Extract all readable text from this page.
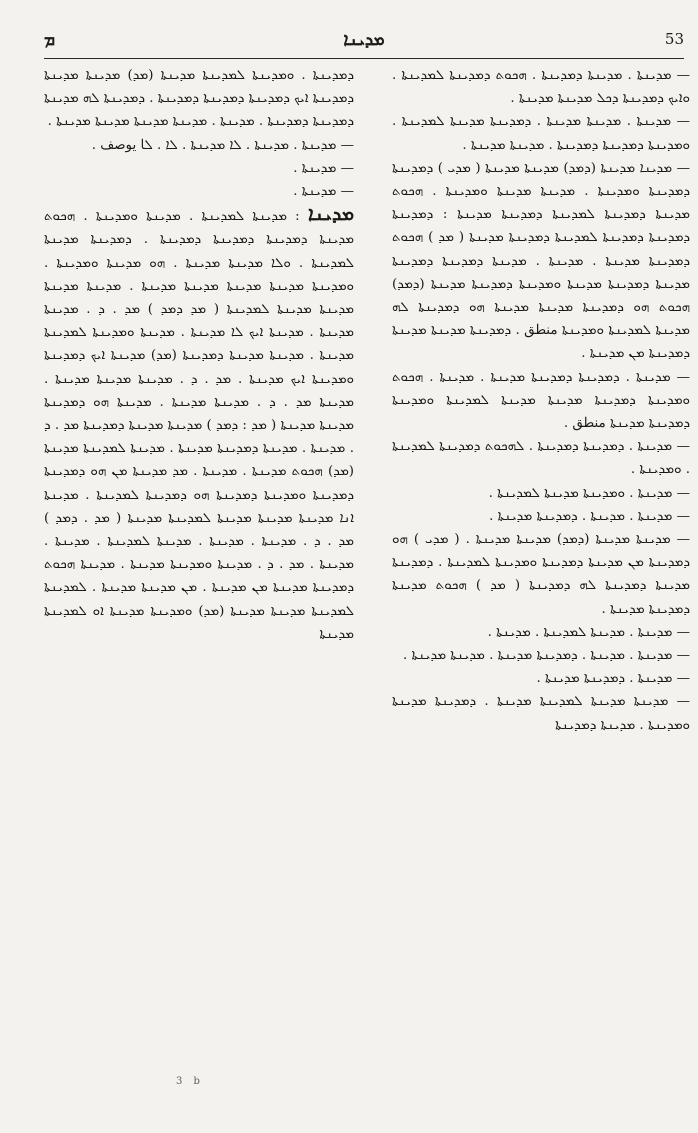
53
ܡܕܝܢܐ
ܡ

— ܡܕܝܢܬܐ . ܡܕܝܢܬܐ ܕܡܕܝܢܬܐ . ܗܟܘܬ ܕܡܕܝܢܬܐ ܠܡܕܝܢܬܐ . ܘܐܝܟ ܕܡܕܝܢܬܐ ܕܟܠ ܡܕܝܢܬܐ ܡܕܝܢܬܐ .

— ܡܕܝܢܬܐ . ܡܕܝܢܬܐ ܡܕܝܢܬܐ . ܕܡܕܝܢܬܐ ܡܕܝܢܬܐ ܠܡܕܝܢܬܐ . ܘܡܕܝܢܬܐ ܕܡܕܝܢܬܐ ܕܡܕܝܢܬܐ . ܡܕܝܢܬܐ ܡܕܝܢܬܐ .

— ܡܕܝܢܐ ܡܕܝܢܬܐ (ܕܡܕ) ܡܕܝܢܬܐ ܡܕܝܢܬܐ ( ܡܕܝ ) ܕܡܕܝܢܬܐ ܕܡܕܝܢܬܐ ܘܡܕܝܢܬܐ . ܡܕܝܢܬܐ ܡܕܝܢܬܐ ܘܡܕܝܢܬܐ . ܗܟܘܬ ܡܕܝܢܬܐ ܕܡܕܝܢܬܐ ܠܡܕܝܢܬܐ ܕܡܕܝܢܬܐ ܡܕܝܢܬܐ : ܕܡܕܝܢܬܐ ܕܡܕܝܢܬܐ ܕܡܕܝܢܬܐ ܠܡܕܝܢܬܐ ܕܡܕܝܢܬܐ ܡܕܝܢܬܐ ( ܡܕ ) ܗܟܘܬ ܕܡܕܝܢܬܐ ܡܕܝܢܬܐ . ܡܕܝܢܬܐ . ܡܕܝܢܬܐ ܕܡܕܝܢܬܐ ܕܡܕܝܢܬܐ ܡܕܝܢܬܐ ܕܡܕܝܢܬܐ ܡܕܝܢܬܐ ܘܡܕܝܢܬܐ ܕܡܕܝܢܬܐ ܡܕܝܢܬܐ (ܕܡܕ) ܗܟܘܬ ܗܘ ܕܡܕܝܢܬܐ ܡܕܝܢܬܐ ܡܕܝܢܬܐ ܗܘ ܕܡܕܝܢܬܐ ܠܗ ܡܕܝܢܬܐ ܠܡܕܝܢܬܐ ܘܡܕܝܢܬܐ منطق . ܕܡܕܝܢܬܐ ܡܕܝܢܬܐ ܡܕܝܢܬܐ ܕܡܕܝܢܬܐ ܡܢ ܡܕܝܢܬܐ .

— ܡܕܝܢܬܐ . ܕܡܕܝܢܬܐ ܕܡܕܝܢܬܐ ܡܕܝܢܬܐ . ܡܕܝܢܬܐ . ܗܟܘܬ ܘܡܕܝܢܬܐ ܕܡܕܝܢܬܐ ܡܕܝܢܬܐ ܡܕܝܢܬܐ ܠܡܕܝܢܬܐ ܘܡܕܝܢܬܐ ܕܡܕܝܢܬܐ ܡܕܝܢܬܐ منطق .

— ܡܕܝܢܬܐ . ܕܡܕܝܢܬܐ ܕܡܕܝܢܬܐ . ܠܗܟܘܬ ܕܡܕܝܢܬܐ ܠܡܕܝܢܬܐ . ܘܡܕܝܢܬܐ .

— ܡܕܝܢܬܐ . ܘܡܕܝܢܬܐ ܡܕܝܢܬܐ ܠܡܕܝܢܬܐ .

— ܡܕܝܢܬܐ . ܡܕܝܢܬܐ . ܕܡܕܝܢܬܐ ܡܕܝܢܬܐ .

— ܡܕܝܢܬܐ ܡܕܝܢܬܐ (ܕܡܕ) ܡܕܝܢܬܐ ܡܕܝܢܬܐ . ( ܡܕܝ ) ܗܘ ܕܡܕܝܢܬܐ ܡܢ ܡܕܝܢܬܐ ܕܡܕܝܢܬܐ ܘܡܕܝܢܬܐ ܠܡܕܝܢܬܐ . ܕܡܕܝܢܬܐ ܡܕܝܢܬܐ ܕܡܕܝܢܬܐ ܠܗ ܕܡܕܝܢܬܐ ( ܡܕ ) ܗܟܘܬ ܡܕܝܢܬܐ ܕܡܕܝܢܬܐ ܡܕܝܢܬܐ .

— ܡܕܝܢܬܐ . ܡܕܝܢܬܐ ܠܡܕܝܢܬܐ . ܡܕܝܢܬܐ .

— ܡܕܝܢܬܐ . ܡܕܝܢܬܐ . ܕܡܕܝܢܬܐ ܡܕܝܢܬܐ . ܡܕܝܢܬܐ ܡܕܝܢܬܐ .

— ܡܕܝܢܬܐ . ܕܡܕܝܢܬܐ ܡܕܝܢܬܐ .

— ܡܕܝܢܬܐ ܡܕܝܢܬܐ ܠܡܕܝܢܬܐ ܡܕܝܢܬܐ . ܕܡܕܝܢܬܐ ܡܕܝܢܬܐ ܘܡܕܝܢܬܐ . ܡܕܝܢܬܐ ܕܡܕܝܢܬܐ

ܕܡܕܝܢܬܐ . ܘܡܕܝܢܬܐ ܠܡܕܝܢܬܐ ܡܕܝܢܬܐ (ܡܕ) ܡܕܝܢܬܐ ܡܕܝܢܬܐ ܕܡܕܝܢܬܐ ܐܝܟ ܕܡܕܝܢܬܐ ܕܡܕܝܢܬܐ ܕܡܕܝܢܬܐ . ܕܡܕܝܢܬܐ ܠܗ ܡܕܝܢܬܐ ܕܡܕܝܢܬܐ ܕܡܕܝܢܬܐ . ܡܕܝܢܬܐ . ܡܕܝܢܬܐ ܡܕܝܢܬܐ ܡܕܝܢܬܐ ܡܕܝܢܬܐ .

— ܡܕܝܢܬܐ . ܡܕܝܢܬܐ . ܠܐ ܡܕܝܢܬܐ . ܠܐ . ܠا يوصف .

— ܡܕܝܢܬܐ .

— ܡܕܝܢܬܐ .

ܡܕܝܢܐ : ܡܕܝܢܬܐ ܠܡܕܝܢܬܐ . ܡܕܝܢܬܐ ܘܡܕܝܢܬܐ . ܗܟܘܬ ܡܕܝܢܬܐ ܕܡܕܝܢܬܐ ܕܡܕܝܢܬܐ ܕܡܕܝܢܬܐ . ܕܡܕܝܢܬܐ ܡܕܝܢܬܐ ܠܡܕܝܢܬܐ . ܘܠܐ ܡܕܝܢܬܐ ܡܕܝܢܬܐ . ܗܘ ܡܕܝܢܬܐ ܘܡܕܝܢܬܐ . ܘܡܕܝܢܬܐ ܡܕܝܢܬܐ ܡܕܝܢܬܐ ܡܕܝܢܬܐ ܡܕܝܢܬܐ . ܡܕܝܢܬܐ ܡܕܝܢܬܐ ܡܕܝܢܬܐ ܡܕܝܢܬܐ ܠܡܕܝܢܬܐ ( ܡܕ ܕܡܕ ) ܡܕ . ܕ . ܡܕܝܢܬܐ ܡܕܝܢܬܐ . ܡܕܝܢܬܐ ܐܝܟ ܠܐ ܡܕܝܢܬܐ . ܡܕܝܢܬܐ ܘܡܕܝܢܬܐ ܠܡܕܝܢܬܐ ܡܕܝܢܬܐ . ܡܕܝܢܬܐ ܡܕܝܢܬܐ ܕܡܕܝܢܬܐ (ܡܕ) ܡܕܝܢܬܐ ܐܝܟ ܕܡܕܝܢܬܐ ܘܡܕܝܢܬܐ ܐܝܟ ܡܕܝܢܬܐ . ܡܕ . ܕ . ܡܕܝܢܬܐ ܡܕܝܢܬܐ ܡܕܝܢܬܐ . ܡܕܝܢܬܐ ܡܕ . ܕ . ܡܕܝܢܬܐ ܡܕܝܢܬܐ . ܡܕܝܢܬܐ ܗܘ ܕܡܕܝܢܬܐ ܡܕܝܢܬܐ ܡܕܝܢܬܐ ( ܡܕ : ܕܡܕ ) ܡܕܝܢܬܐ ܡܕܝܢܬܐ ܕܡܕܝܢܬܐ ܡܕ . ܕ . ܡܕܝܢܬܐ . ܡܕܝܢܬܐ ܕܡܕܝܢܬܐ ܡܕܝܢܬܐ . ܡܕܝܢܬܐ ܠܡܕܝܢܬܐ ܡܕܝܢܬܐ (ܡܕ) ܗܟܘܬ ܡܕܝܢܬܐ . ܡܕܝܢܬܐ . ܡܕ ܡܕܝܢܬܐ ܡܢ ܗܘ ܕܡܕܝܢܬܐ ܕܡܕܝܢܬܐ ܘܡܕܝܢܬܐ ܕܡܕܝܢܬܐ ܗܘ ܕܡܕܝܢܬܐ ܠܡܕܝܢܬܐ . ܡܕܝܢܬܐ ܐܢܐ ܡܕܝܢܬܐ ܡܕܝܢܬܐ ܡܕܝܢܬܐ ܠܡܕܝܢܬܐ ܡܕܝܢܬܐ ( ܡܕ . ܕܡܕ ) ܡܕ . ܕ . ܡܕܝܢܬܐ . ܡܕܝܢܬܐ . ܡܕܝܢܬܐ ܠܡܕܝܢܬܐ . ܡܕܝܢܬܐ . ܡܕܝܢܬܐ . ܡܕ . ܕ . ܡܕܝܢܬܐ ܘܡܕܝܢܬܐ ܡܕܝܢܬܐ . ܡܕܝܢܬܐ ܗܟܘܬ ܕܡܕܝܢܬܐ ܡܕܝܢܬܐ ܡܢ ܡܕܝܢܬܐ . ܡܢ ܡܕܝܢܬܐ ܡܕܝܢܬܐ . ܠܡܕܝܢܬܐ ܠܡܕܝܢܬܐ ܡܕܝܢܬܐ ܡܕܝܢܬܐ (ܡܕ) ܘܡܕܝܢܬܐ ܡܕܝܢܬܐ ܐܘ ܠܡܕܝܢܬܐ ܡܕܝܢܬܐ

3 b
